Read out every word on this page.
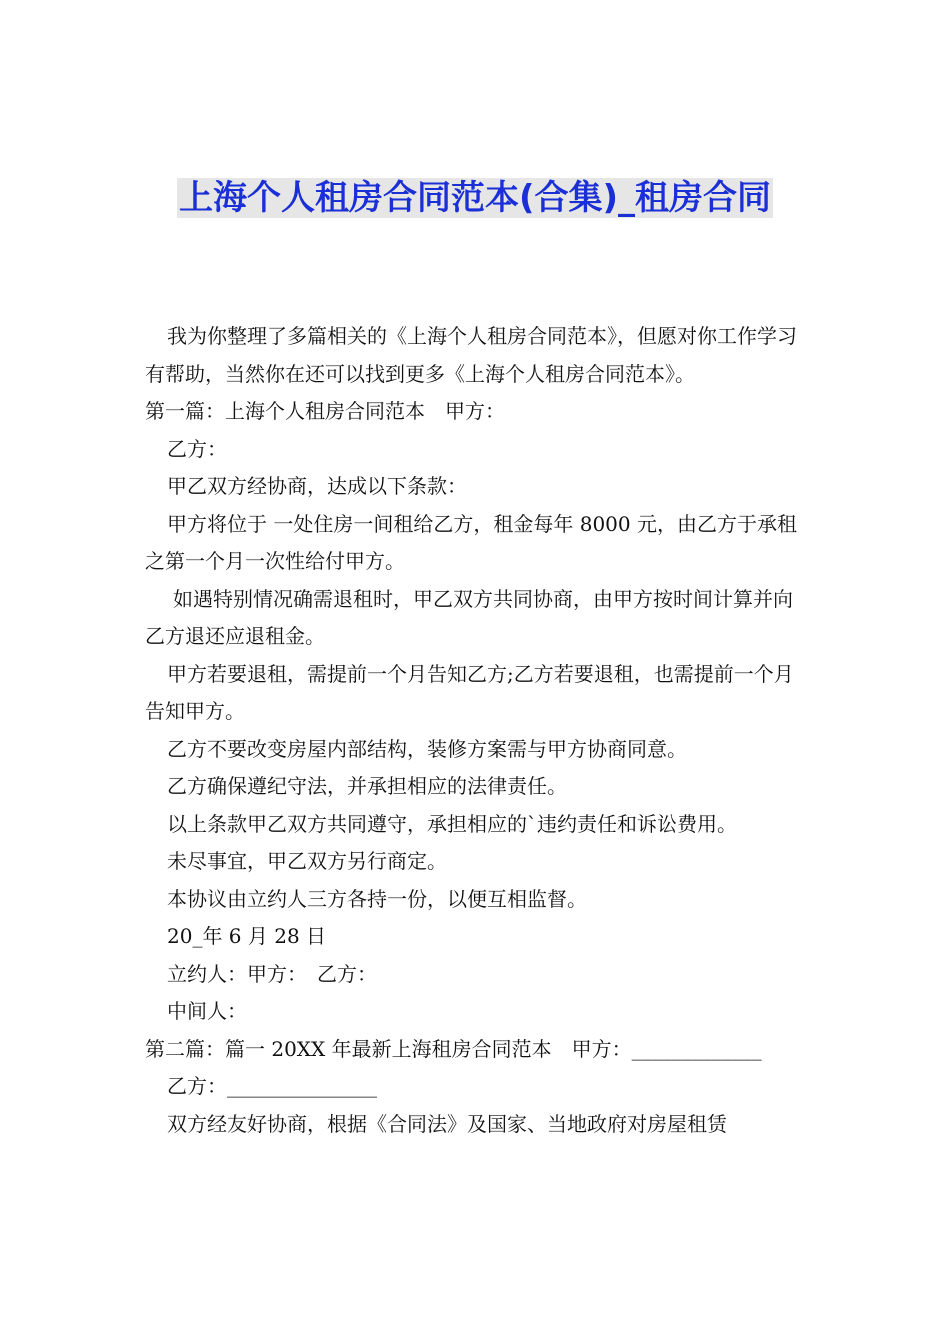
上海个人租房合同范本(合集)_租房合同

我为你整理了多篇相关的《上海个人租房合同范本》，但愿对你工作学习有帮助，当然你在还可以找到更多《上海个人租房合同范本》。

第一篇：上海个人租房合同范本　甲方：

乙方：

甲乙双方经协商，达成以下条款：

甲方将位于 一处住房一间租给乙方，租金每年 8000 元，由乙方于承租之第一个月一次性给付甲方。

如遇特别情况确需退租时，甲乙双方共同协商，由甲方按时间计算并向乙方退还应退租金。

甲方若要退租，需提前一个月告知乙方;乙方若要退租，也需提前一个月告知甲方。

乙方不要改变房屋内部结构，装修方案需与甲方协商同意。

乙方确保遵纪守法，并承担相应的法律责任。

以上条款甲乙双方共同遵守，承担相应的`违约责任和诉讼费用。

未尽事宜，甲乙双方另行商定。

本协议由立约人三方各持一份，以便互相监督。

20_年 6 月 28 日

立约人：甲方：　乙方：

中间人：

第二篇：篇一 20XX 年最新上海租房合同范本　甲方：_____________

乙方：_______________

双方经友好协商，根据《合同法》及国家、当地政府对房屋租赁
